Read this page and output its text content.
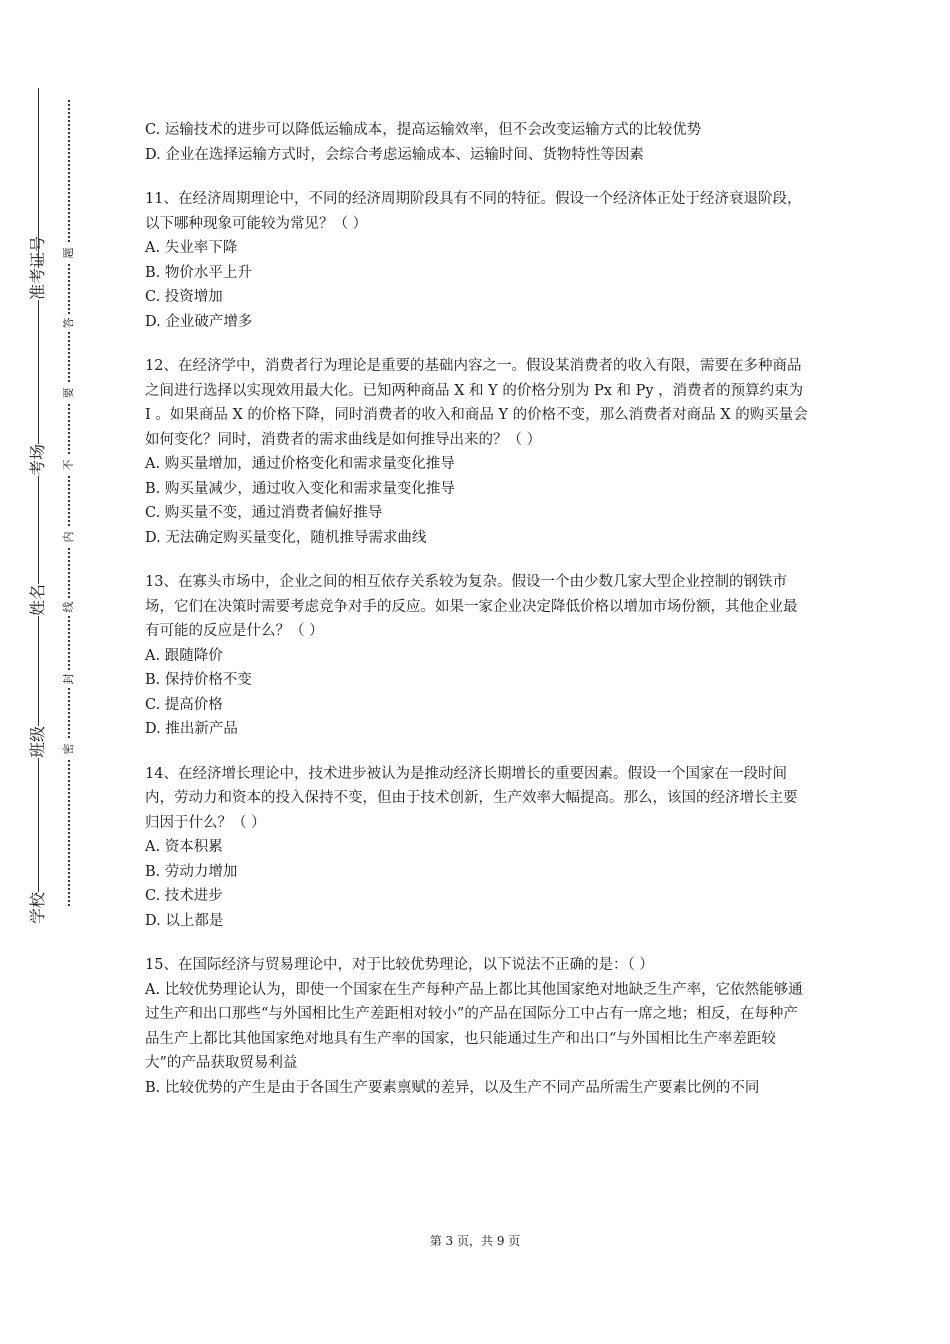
准考证号
考场
姓名
班级
学校
题
答
要
不
内
线
封
密

C. 运输技术的进步可以降低运输成本，提高运输效率，但不会改变运输方式的比较优势

D. 企业在选择运输方式时，会综合考虑运输成本、运输时间、货物特性等因素

11、在经济周期理论中，不同的经济周期阶段具有不同的特征。假设一个经济体正处于经济衰退阶段，以下哪种现象可能较为常见？（ ）

A. 失业率下降

B. 物价水平上升

C. 投资增加

D. 企业破产增多

12、在经济学中，消费者行为理论是重要的基础内容之一。假设某消费者的收入有限，需要在多种商品之间进行选择以实现效用最大化。已知两种商品 X 和 Y 的价格分别为 Px 和 Py ，消费者的预算约束为 I 。如果商品 X 的价格下降，同时消费者的收入和商品 Y 的价格不变，那么消费者对商品 X 的购买量会如何变化？同时，消费者的需求曲线是如何推导出来的？（ ）

A. 购买量增加，通过价格变化和需求量变化推导

B. 购买量减少，通过收入变化和需求量变化推导

C. 购买量不变，通过消费者偏好推导

D. 无法确定购买量变化，随机推导需求曲线

13、在寡头市场中，企业之间的相互依存关系较为复杂。假设一个由少数几家大型企业控制的钢铁市场，它们在决策时需要考虑竞争对手的反应。如果一家企业决定降低价格以增加市场份额，其他企业最有可能的反应是什么？（ ）

A. 跟随降价

B. 保持价格不变

C. 提高价格

D. 推出新产品

14、在经济增长理论中，技术进步被认为是推动经济长期增长的重要因素。假设一个国家在一段时间内，劳动力和资本的投入保持不变，但由于技术创新，生产效率大幅提高。那么，该国的经济增长主要归因于什么？（ ）

A. 资本积累

B. 劳动力增加

C. 技术进步

D. 以上都是

15、在国际经济与贸易理论中，对于比较优势理论，以下说法不正确的是：（ ）

A. 比较优势理论认为，即使一个国家在生产每种产品上都比其他国家绝对地缺乏生产率，它依然能够通过生产和出口那些“与外国相比生产差距相对较小”的产品在国际分工中占有一席之地；相反，在每种产品生产上都比其他国家绝对地具有生产率的国家，也只能通过生产和出口“与外国相比生产率差距较大”的产品获取贸易利益

B. 比较优势的产生是由于各国生产要素禀赋的差异，以及生产不同产品所需生产要素比例的不同

第 3 页，共 9 页
